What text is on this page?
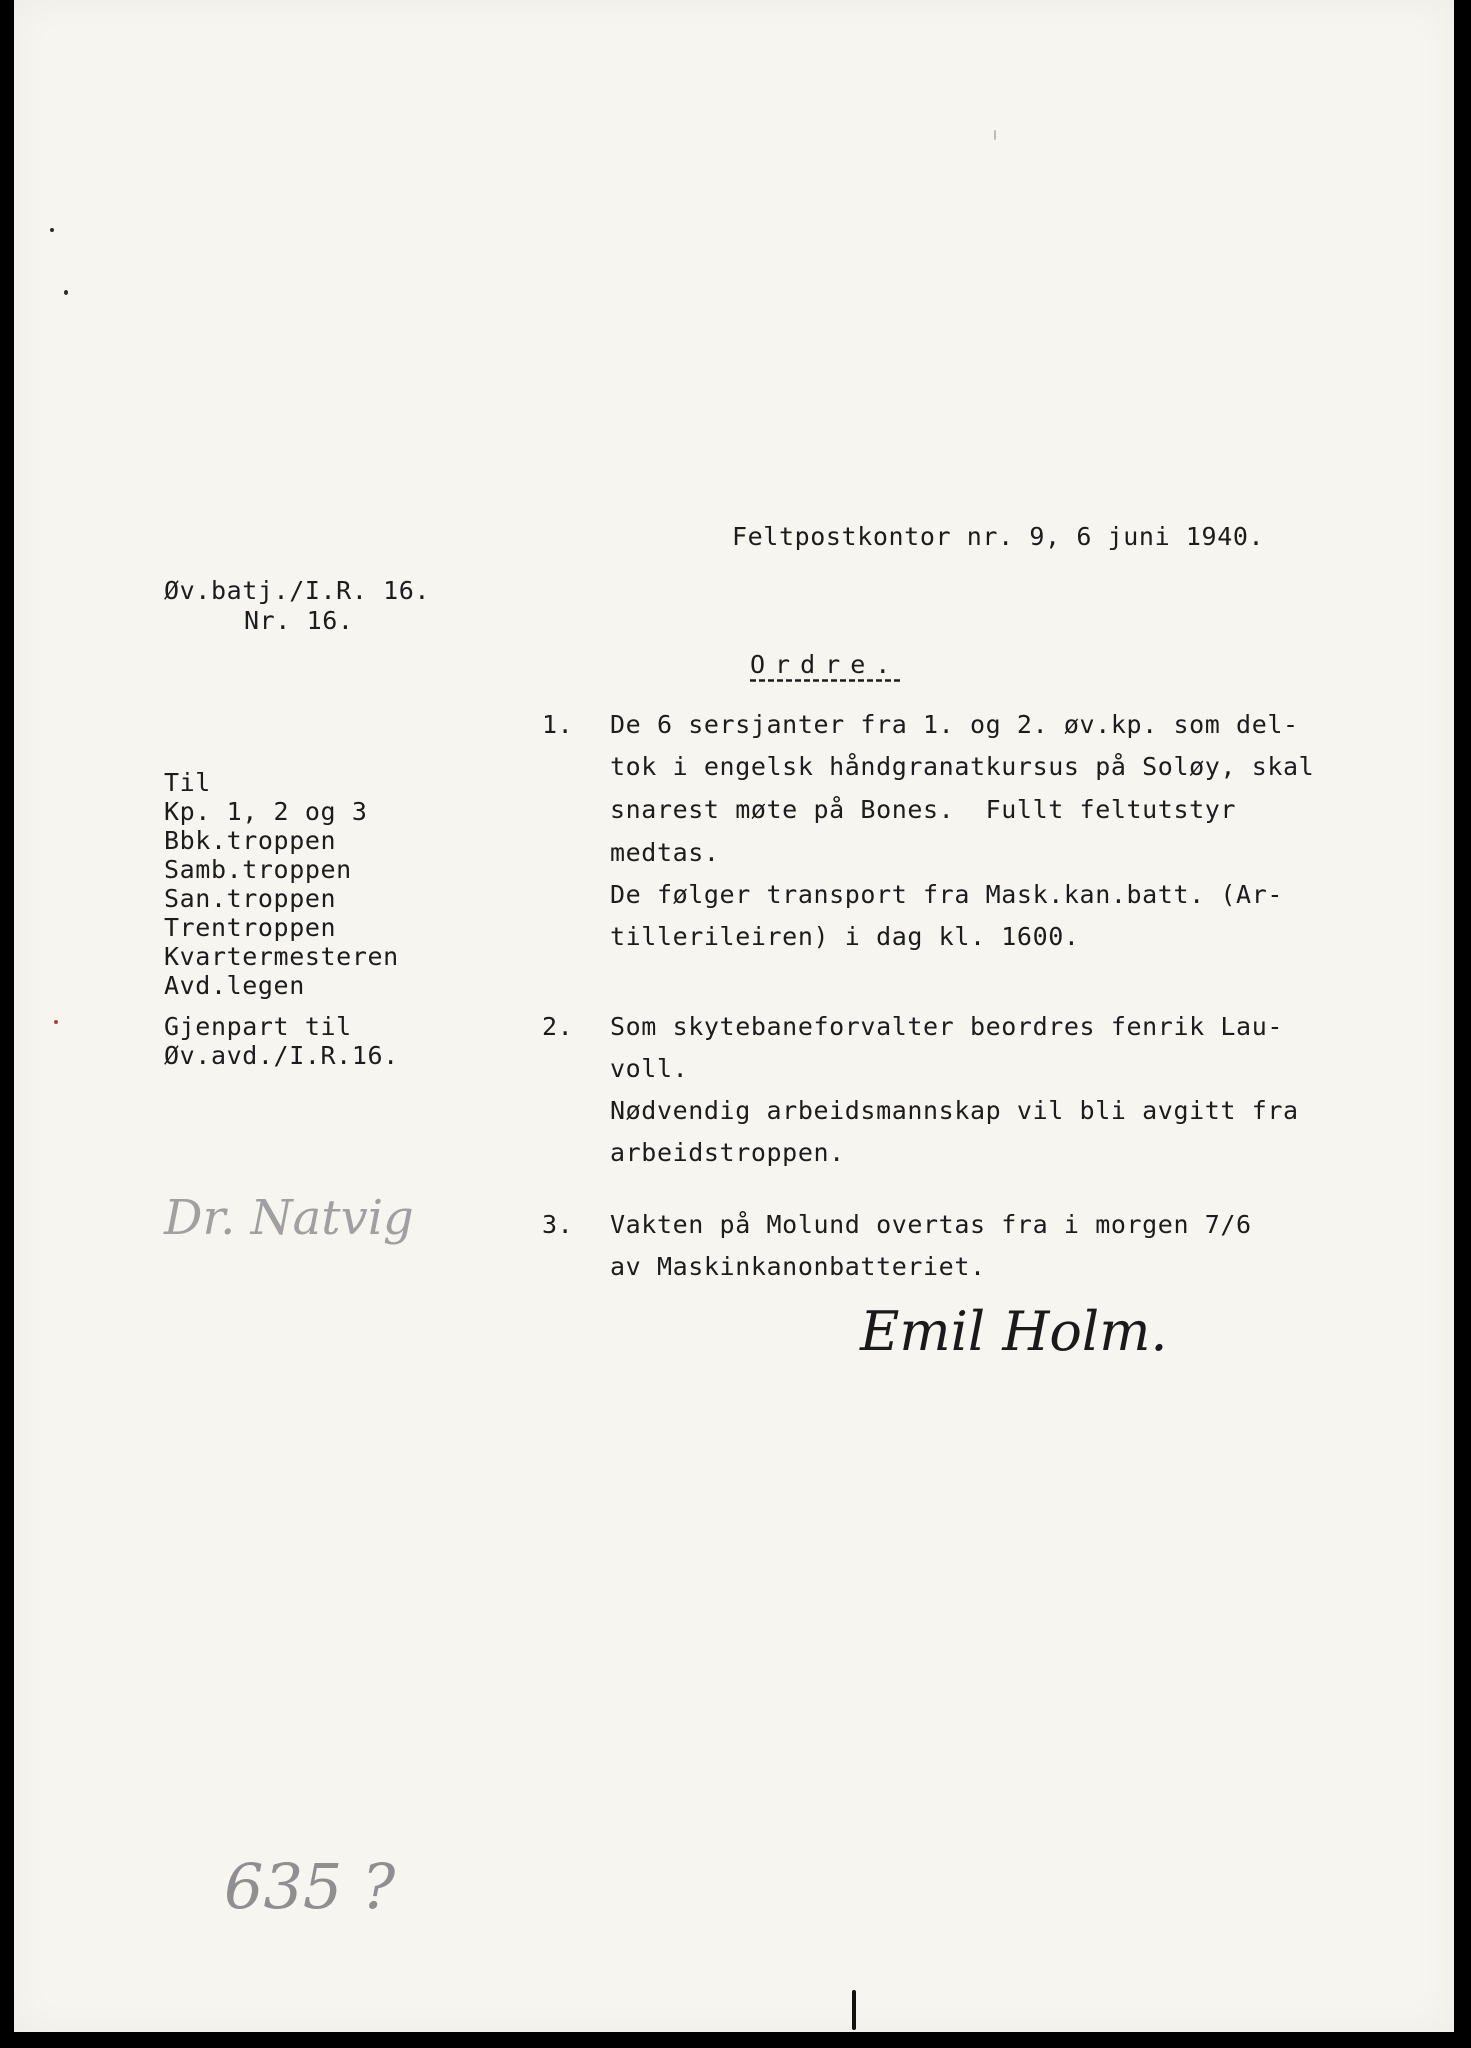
Feltpostkontor nr. 9, 6 juni 1940.
Øv.batj./I.R. 16.
Nr. 16.
Ordre.
Til
Kp. 1, 2 og 3
Bbk.troppen
Samb.troppen
San.troppen
Trentroppen
Kvartermesteren
Avd.legen
Gjenpart til
Øv.avd./I.R.16.
1. De 6 sersjanter fra 1. og 2. øv.kp. som del-
tok i engelsk håndgranatkursus på Soløy, skal
snarest møte på Bones.  Fullt feltutstyr
medtas.
De følger transport fra Mask.kan.batt. (Ar-
tillerileiren) i dag kl. 1600.
2. Som skytebaneforvalter beordres fenrik Lau-
voll.
Nødvendig arbeidsmannskap vil bli avgitt fra
arbeidstroppen.
3. Vakten på Molund overtas fra i morgen 7/6
av Maskinkanonbatteriet.
Emil Holm.
Dr. Natvig
635 ?
